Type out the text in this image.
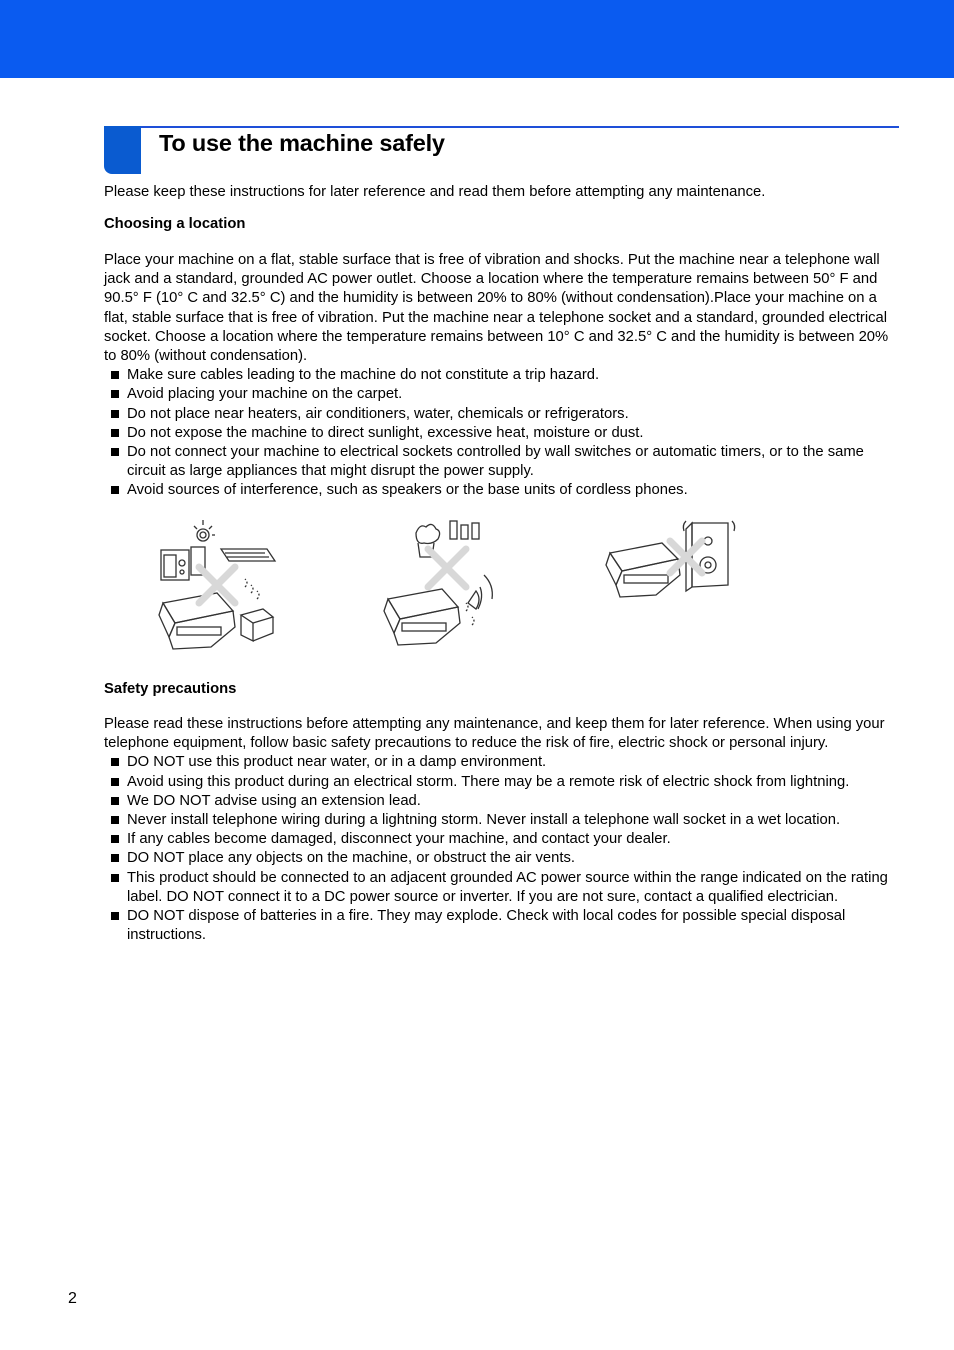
To use the machine safely

Please keep these instructions for later reference and read them before attempting any maintenance.

Choosing a location

Place your machine on a flat, stable surface that is free of vibration and shocks. Put the machine near a telephone wall jack and a standard, grounded AC power outlet. Choose a location where the temperature remains between 50° F and 90.5° F (10° C and 32.5° C) and the humidity is between 20% to 80% (without condensation).Place your machine on a flat, stable surface that is free of vibration. Put the machine near a telephone socket and a standard, grounded electrical socket. Choose a location where the temperature remains between 10° C and 32.5° C and the humidity is between 20% to 80% (without condensation).

Make sure cables leading to the machine do not constitute a trip hazard.
Avoid placing your machine on the carpet.
Do not place near heaters, air conditioners, water, chemicals or refrigerators.
Do not expose the machine to direct sunlight, excessive heat, moisture or dust.
Do not connect your machine to electrical sockets controlled by wall switches or automatic timers, or to the same circuit as large appliances that might disrupt the power supply.
Avoid sources of interference, such as speakers or the base units of cordless phones.
Safety precautions

Please read these instructions before attempting any maintenance, and keep them for later reference. When using your telephone equipment, follow basic safety precautions to reduce the risk of fire, electric shock or personal injury.

DO NOT use this product near water, or in a damp environment.
Avoid using this product during an electrical storm. There may be a remote risk of electric shock from lightning.
We DO NOT advise using an extension lead.
Never install telephone wiring during a lightning storm. Never install a telephone wall socket in a wet location.
If any cables become damaged, disconnect your machine, and contact your dealer.
DO NOT place any objects on the machine, or obstruct the air vents.
This product should be connected to an adjacent grounded AC power source within the range indicated on the rating label. DO NOT connect it to a DC power source or inverter. If you are not sure, contact a qualified electrician.
DO NOT dispose of batteries in a fire. They may explode. Check with local codes for possible special disposal instructions.
2
